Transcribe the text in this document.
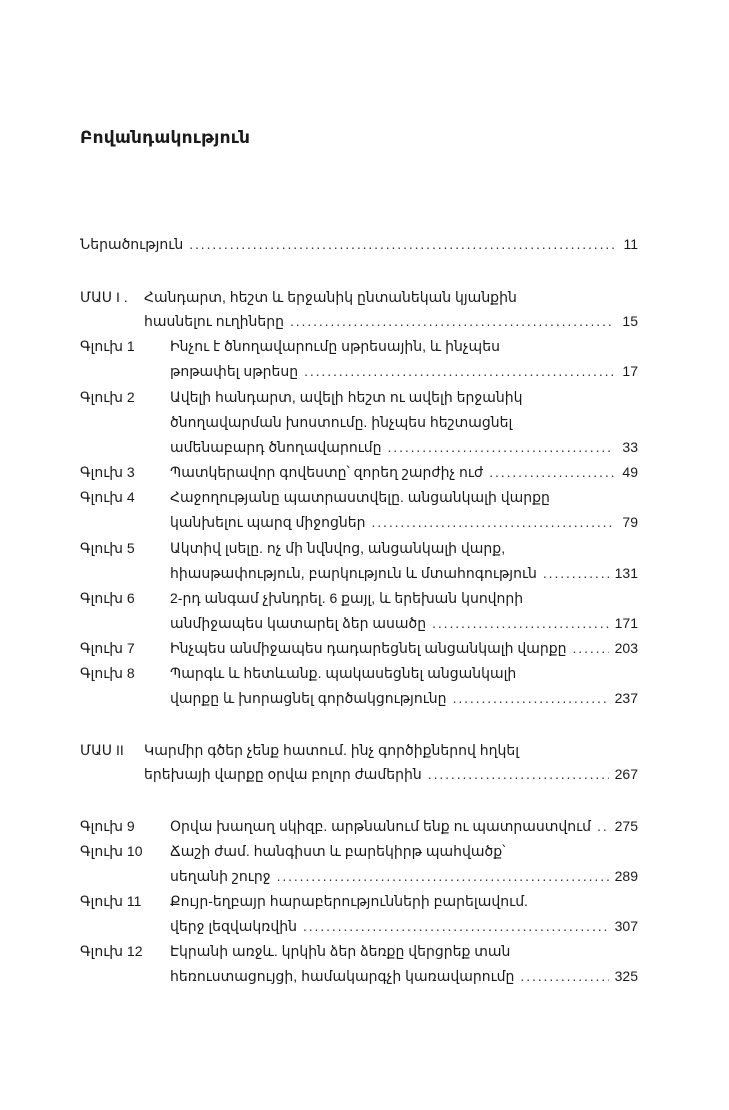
Բովանդակություն
Ներածություն . . .	11
ՄԱՍ I . Հանդարտ, հեշտ և երջանիկ ընտանեկան կյանքին
հասնելու ուղիները . . .	15
Գլուխ 1	Ինչու է ծնողավարումը սթրեսային, և ինչպես
թոթափել սթրեսը . . .	17
Գլուխ 2	Ավելի հանդարտ, ավելի հեշտ ու ավելի երջանիկ
ծնողավարման խոստումը. ինչպես հեշտացնել
ամենաբարդ ծնողավարումը . . .	33
Գլուխ 3	Պատկերավոր գովեստը՝ զորեղ շարժիչ ուժ . . .	49
Գլուխ 4	Հաջողությանը պատրաստվելը. անցանկալի վարքը
կանխելու պարզ միջոցներ . . .	79
Գլուխ 5	Ակտիվ լսելը. ոչ մի նվնվոց, անցանկալի վարք,
հիասթափություն, բարկություն և մտահոգություն . . .	131
Գլուխ 6	2-րդ անգամ չխնդրել. 6 քայլ, և երեխան կսովորի
անմիջապես կատարել ձեր ասածը . . .	171
Գլուխ 7	Ինչպես անմիջապես դադարեցնել անցանկալի վարքը . . .	203
Գլուխ 8	Պարգև և հետևանք. պակասեցնել անցանկալի
վարքը և խորացնել գործակցությունը . . .	237
ՄԱՍ II Կարմիր գծեր չենք հատում. ինչ գործիքներով հղկել
երեխայի վարքը օրվա բոլոր ժամերին . . .	267
Գլուխ 9	Օրվա խաղաղ սկիզբ. արթնանում ենք ու պատրաստվում . . . 275
Գլուխ 10 Ճաշի ժամ. հանգիստ և բարեկիրթ պահվածք՝
սեղանի շուրջ . . .	289
Գլուխ 11 Քույր-եղբայր հարաբերությունների բարելավում.
վերջ լեզվակռվին . . .	307
Գլուխ 12 Էկրանի առջև. կրկին ձեր ձեռքը վերցրեք տան
հեռուստացույցի, համակարգչի կառավարումը . . .	325
